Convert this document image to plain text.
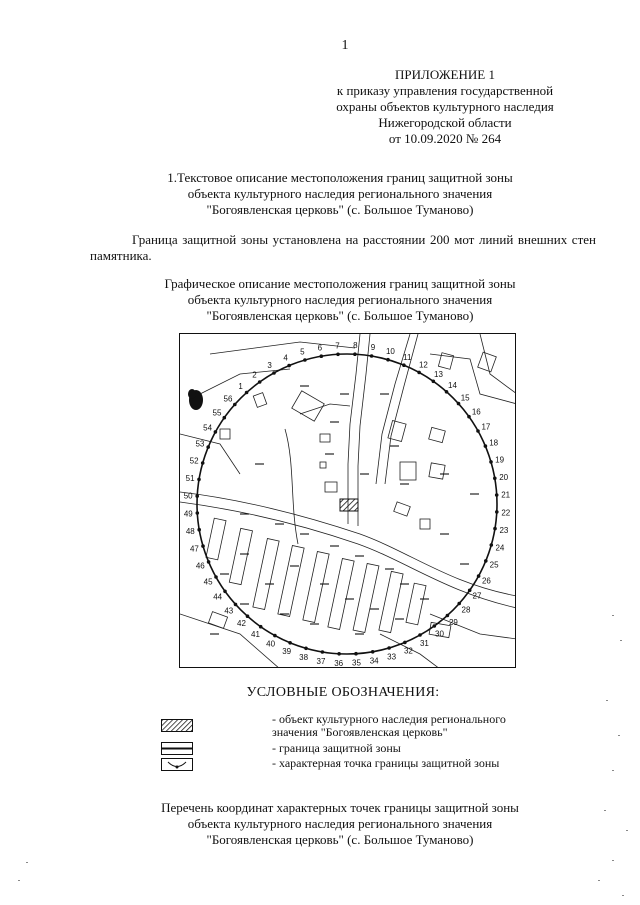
1
ПРИЛОЖЕНИЕ 1
к приказу управления государственной
охраны объектов культурного наследия
Нижегородской области
от 10.09.2020 № 264
1.Текстовое описание местоположения границ защитной зоны
объекта культурного наследия регионального значения
"Богоявленская церковь" (с. Большое Туманово)
Граница защитной зоны установлена на расстоянии 200 мот линий внешних стен
памятника.
Графическое описание местоположения границ защитной зоны
объекта культурного наследия регионального значения
"Богоявленская церковь" (с. Большое Туманово)
1
2
3
4
5 6 7 8 9 10
11
12
13
14
15
16
17
18
19
20
21
22
23
24
25
26
27
28
29
30
31
32
33
34
35
36
37
38
39
40
41
42
43
44
45
46
47
48
49
50
51
52
53
54
55
56
УСЛОВНЫЕ ОБОЗНАЧЕНИЯ:
- объект культурного наследия регионального
значения "Богоявленская церковь"
- граница защитной зоны
- характерная точка границы защитной зоны
Перечень координат характерных точек границы защитной зоны
объекта культурного наследия регионального значения
"Богоявленская церковь" (с. Большое Туманово)
